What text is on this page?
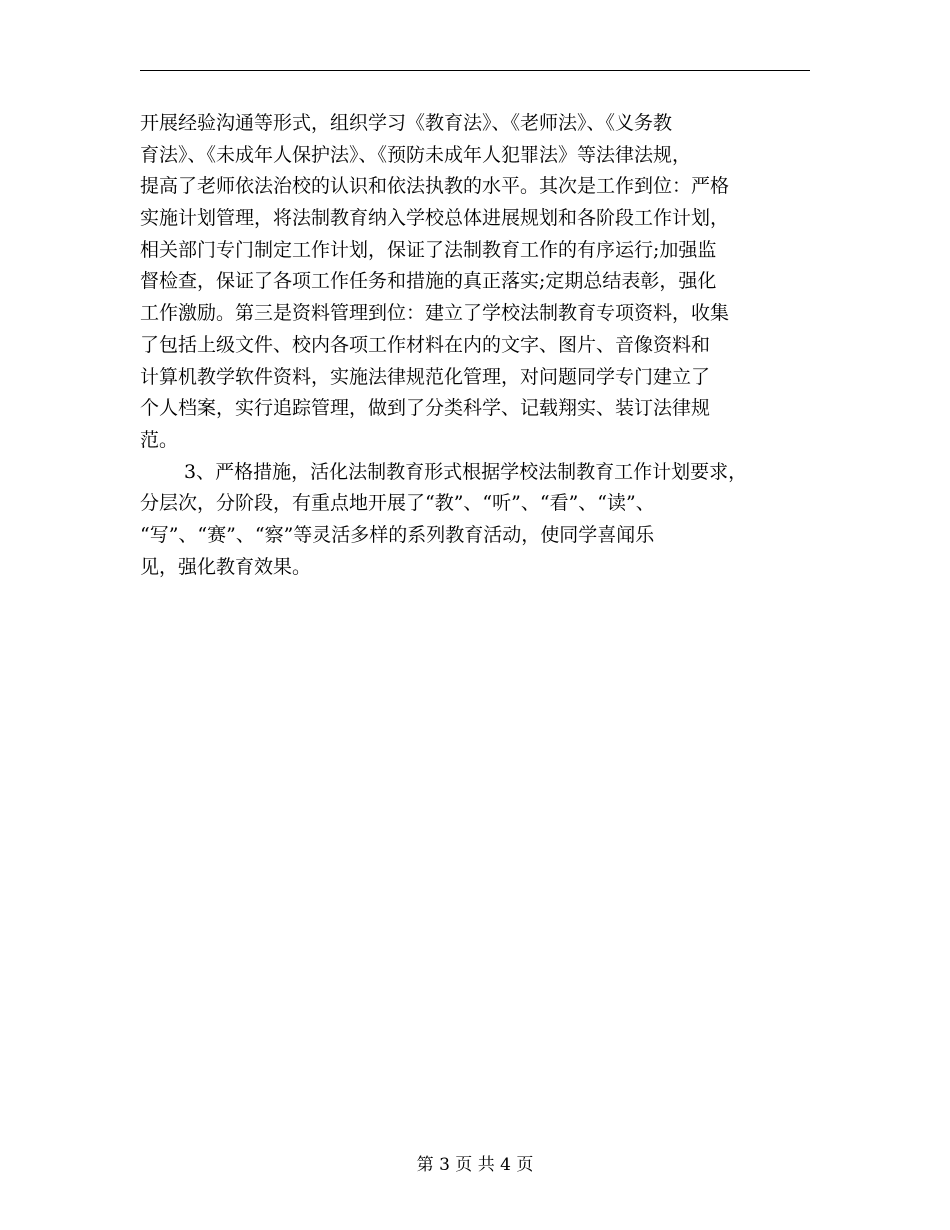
开展经验沟通等形式，组织学习《教育法》、《老师法》、《义务教
育法》、《未成年人保护法》、《预防未成年人犯罪法》等法律法规，
提高了老师依法治校的认识和依法执教的水平。其次是工作到位：严格
实施计划管理，将法制教育纳入学校总体进展规划和各阶段工作计划，
相关部门专门制定工作计划，保证了法制教育工作的有序运行;加强监
督检查，保证了各项工作任务和措施的真正落实;定期总结表彰，强化
工作激励。第三是资料管理到位：建立了学校法制教育专项资料，收集
了包括上级文件、校内各项工作材料在内的文字、图片、音像资料和
计算机教学软件资料，实施法律规范化管理，对问题同学专门建立了
个人档案，实行追踪管理，做到了分类科学、记载翔实、装订法律规
范。
3、严格措施，活化法制教育形式根据学校法制教育工作计划要求，
分层次，分阶段，有重点地开展了“教”、“听”、“看”、“读”、
“写”、“赛”、“察”等灵活多样的系列教育活动，使同学喜闻乐
见，强化教育效果。
第 3 页 共 4 页
